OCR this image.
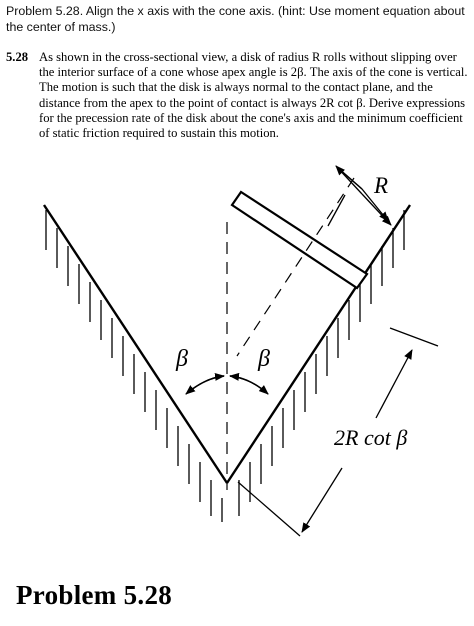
Problem 5.28. Align the x axis with the cone axis. (hint: Use moment equation about the center of mass.)
5.28 As shown in the cross-sectional view, a disk of radius R rolls without slipping over the interior surface of a cone whose apex angle is 2β. The axis of the cone is vertical. The motion is such that the disk is always normal to the contact plane, and the distance from the apex to the point of contact is always 2R cot β. Derive expressions for the precession rate of the disk about the cone's axis and the minimum coefficient of static friction required to sustain this motion.
R
β	β
2R cot β
Problem 5.28
